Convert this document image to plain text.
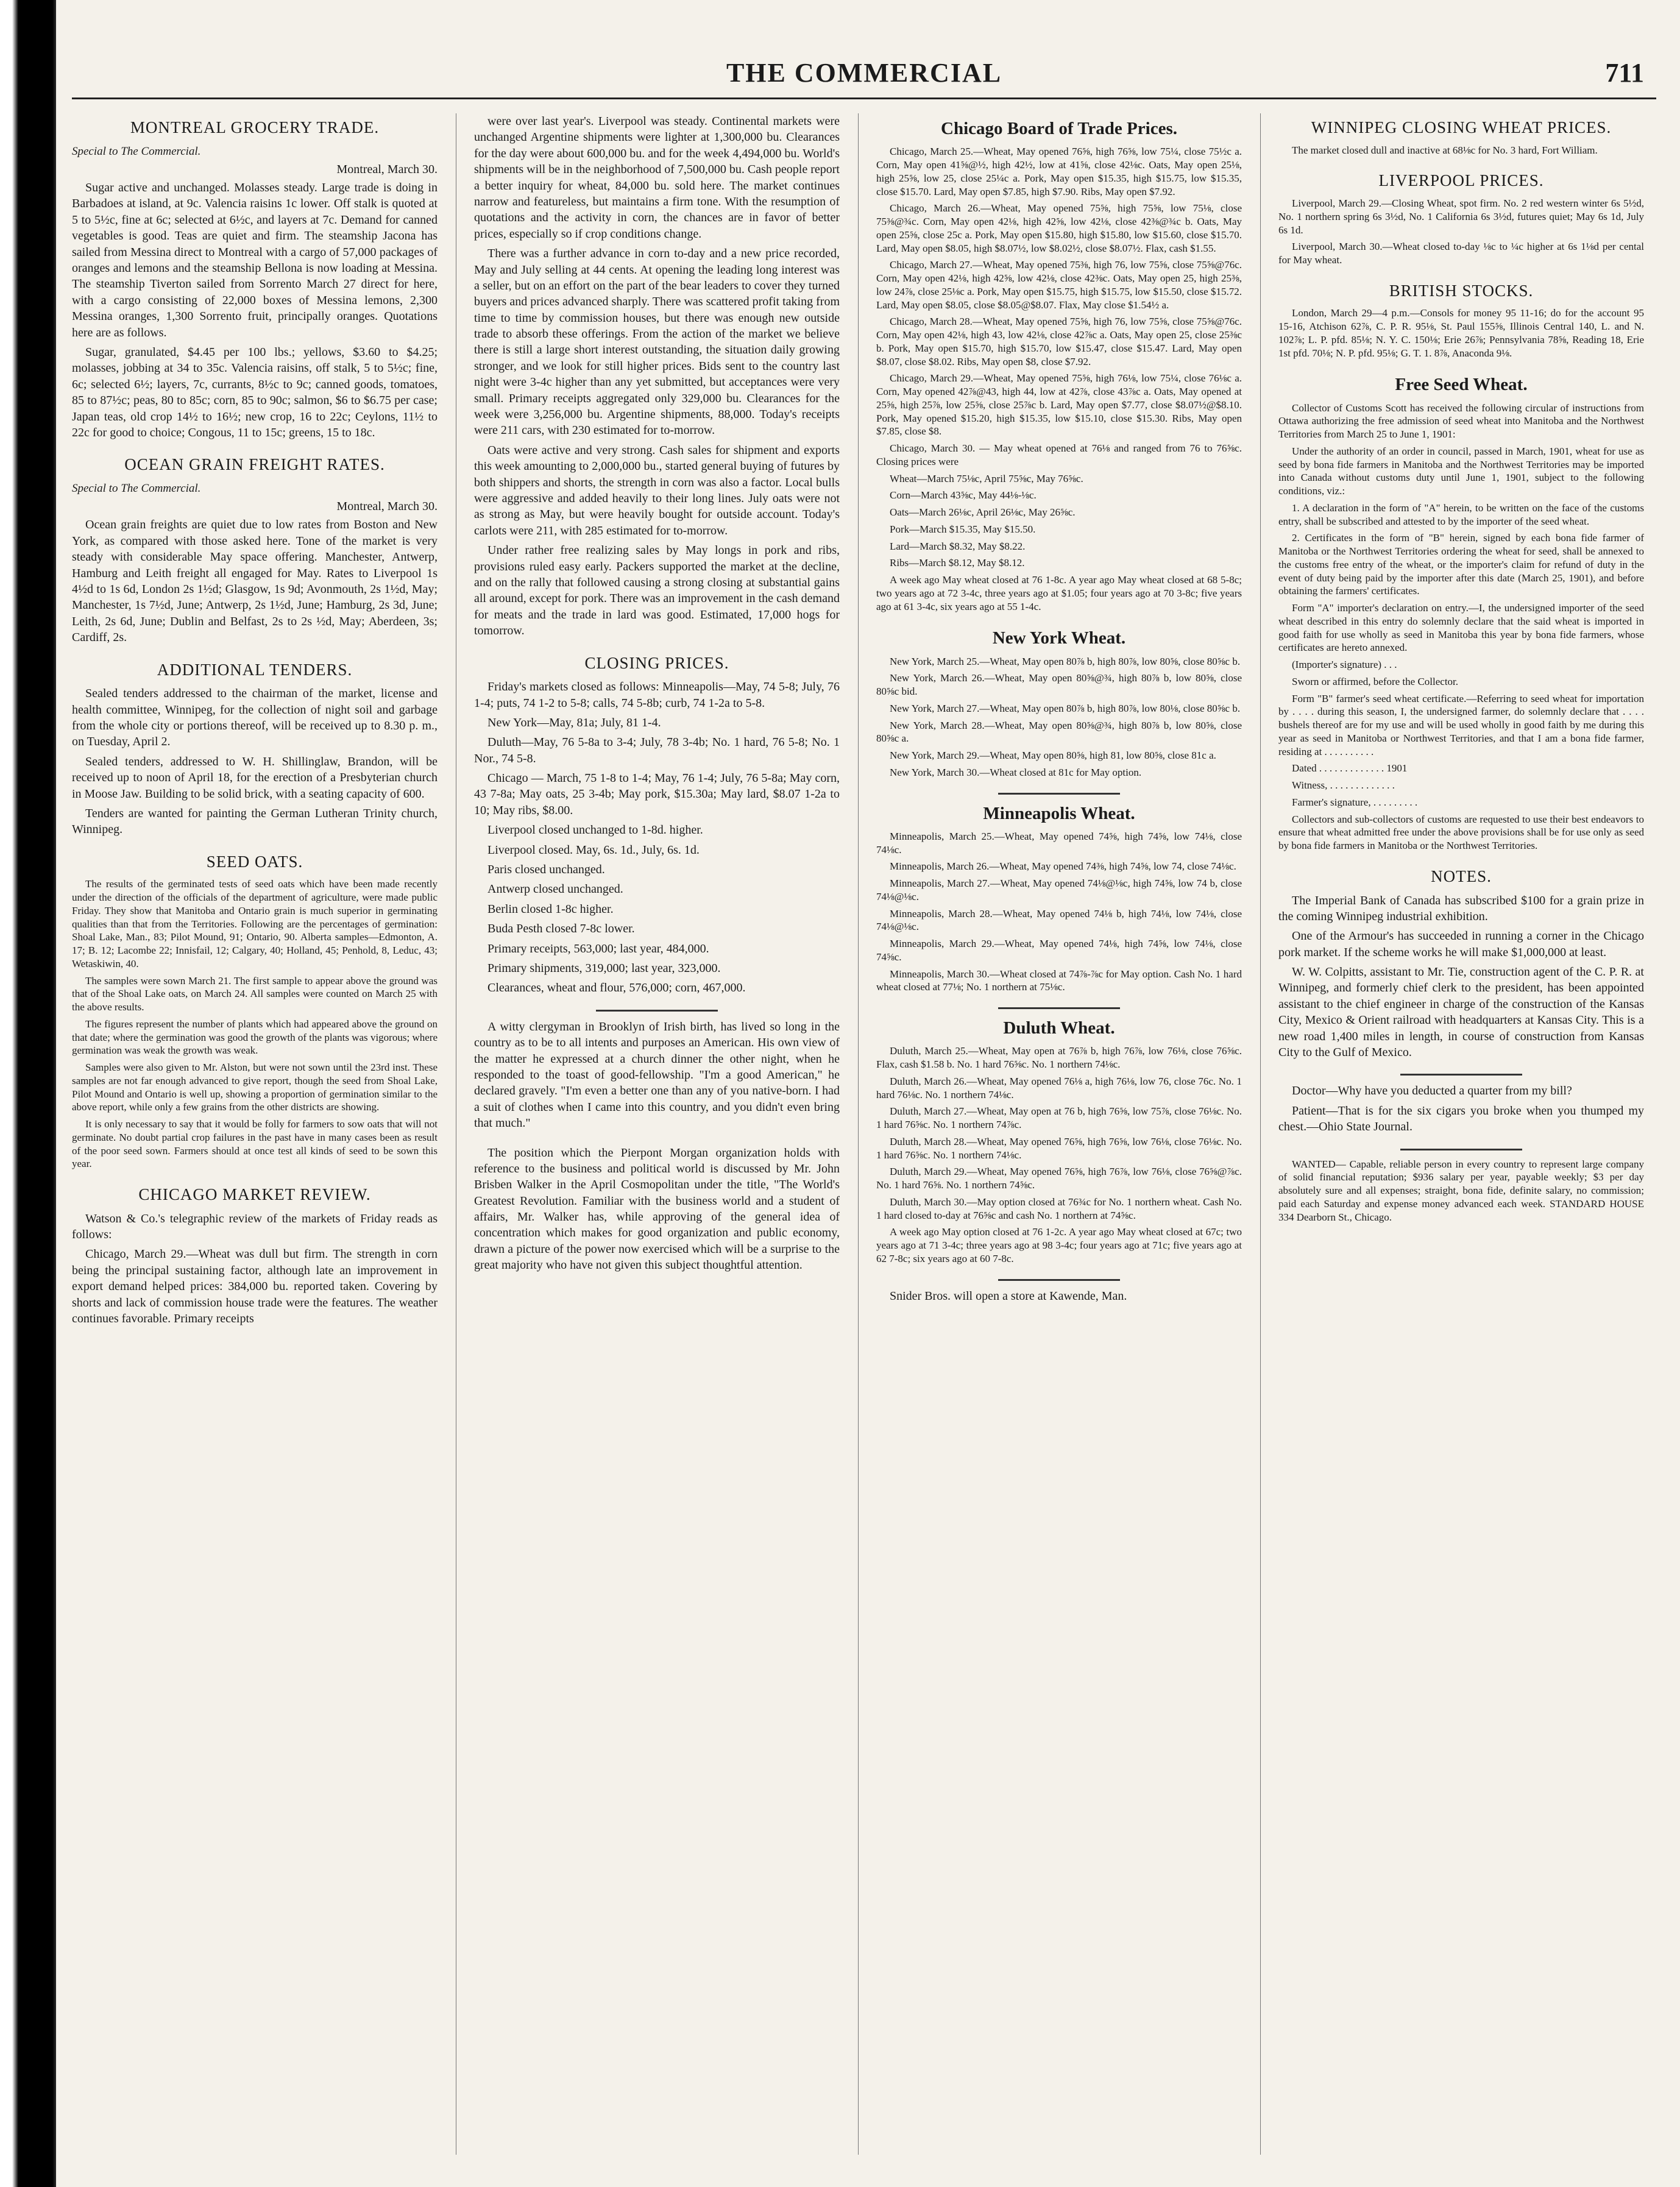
THE COMMERCIAL	711
MONTREAL GROCERY TRADE.
Special to The Commercial.
Montreal, March 30.

Sugar active and unchanged. Molasses steady. Large trade is doing in Barbadoes at island, at 9c. Valencia raisins 1c lower. Off stalk is quoted at 5 to 5½c, fine at 6c; selected at 6½c, and layers at 7c. Demand for canned vegetables is good. Teas are quiet and firm. The steamship Jacona has sailed from Messina direct to Montreal with a cargo of 57,000 packages of oranges and lemons and the steamship Bellona is now loading at Messina. The steamship Tiverton sailed from Sorrento March 27 direct for here, with a cargo consisting of 22,000 boxes of Messina lemons, 2,300 Messina oranges, 1,300 Sorrento fruit, principally oranges. Quotations here are as follows.

Sugar, granulated, $4.45 per 100 lbs.; yellows, $3.60 to $4.25; molasses, jobbing at 34 to 35c. Valencia raisins, off stalk, 5 to 5½c; fine, 6c; selected 6½; layers, 7c, currants, 8½c to 9c; canned goods, tomatoes, 85 to 87½c; peas, 80 to 85c; corn, 85 to 90c; salmon, $6 to $6.75 per case; Japan teas, old crop 14½ to 16½; new crop, 16 to 22c; Ceylons, 11½ to 22c for good to choice; Congous, 11 to 15c; greens, 15 to 18c.

OCEAN GRAIN FREIGHT RATES.
Special to The Commercial.
Montreal, March 30.

Ocean grain freights are quiet due to low rates from Boston and New York, as compared with those asked here. Tone of the market is very steady with considerable May space offering. Manchester, Antwerp, Hamburg and Leith freight all engaged for May. Rates to Liverpool 1s 4½d to 1s 6d, London 2s 1½d; Glasgow, 1s 9d; Avonmouth, 2s 1½d, May; Manchester, 1s 7½d, June; Antwerp, 2s 1½d, June; Hamburg, 2s 3d, June; Leith, 2s 6d, June; Dublin and Belfast, 2s to 2s ½d, May; Aberdeen, 3s; Cardiff, 2s.

ADDITIONAL TENDERS.

Sealed tenders addressed to the chairman of the market, license and health committee, Winnipeg, for the collection of night soil and garbage from the whole city or portions thereof, will be received up to 8.30 p. m., on Tuesday, April 2.

Sealed tenders, addressed to W. H. Shillinglaw, Brandon, will be received up to noon of April 18, for the erection of a Presbyterian church in Moose Jaw. Building to be solid brick, with a seating capacity of 600.

Tenders are wanted for painting the German Lutheran Trinity church, Winnipeg.

SEED OATS.

The results of the germinated tests of seed oats which have been made recently under the direction of the officials of the department of agriculture, were made public Friday. They show that Manitoba and Ontario grain is much superior in germinating qualities than that from the Territories. Following are the percentages of germination: Shoal Lake, Man., 83; Pilot Mound, 91; Ontario, 90. Alberta samples—Edmonton, A. 17; B. 12; Lacombe 22; Innisfail, 12; Calgary, 40; Holland, 45; Penhold, 8, Leduc, 43; Wetaskiwin, 40.

The samples were sown March 21. The first sample to appear above the ground was that of the Shoal Lake oats, on March 24. All samples were counted on March 25 with the above results.

The figures represent the number of plants which had appeared above the ground on that date; where the germination was good the growth of the plants was vigorous; where germination was weak the growth was weak.

Samples were also given to Mr. Alston, but were not sown until the 23rd inst. These samples are not far enough advanced to give report, though the seed from Shoal Lake, Pilot Mound and Ontario is well up, showing a proportion of germination similar to the above report, while only a few grains from the other districts are showing.

It is only necessary to say that it would be folly for farmers to sow oats that will not germinate. No doubt partial crop failures in the past have in many cases been as result of the poor seed sown. Farmers should at once test all kinds of seed to be sown this year.

CHICAGO MARKET REVIEW.

Watson & Co.'s telegraphic review of the markets of Friday reads as follows:

Chicago, March 29.—Wheat was dull but firm. The strength in corn being the principal sustaining factor, although late an improvement in export demand helped prices: 384,000 bu. reported taken. Covering by shorts and lack of commission house trade were the features. The weather continues favorable. Primary receipts

were over last year's. Liverpool was steady. Continental markets were unchanged Argentine shipments were lighter at 1,300,000 bu. Clearances for the day were about 600,000 bu. and for the week 4,494,000 bu. World's shipments will be in the neighborhood of 7,500,000 bu. Cash people report a better inquiry for wheat, 84,000 bu. sold here. The market continues narrow and featureless, but maintains a firm tone. With the resumption of quotations and the activity in corn, the chances are in favor of better prices, especially so if crop conditions change.

There was a further advance in corn to-day and a new price recorded, May and July selling at 44 cents. At opening the leading long interest was a seller, but on an effort on the part of the bear leaders to cover they turned buyers and prices advanced sharply. There was scattered profit taking from time to time by commission houses, but there was enough new outside trade to absorb these offerings. From the action of the market we believe there is still a large short interest outstanding, the situation daily growing stronger, and we look for still higher prices. Bids sent to the country last night were 3-4c higher than any yet submitted, but acceptances were very small. Primary receipts aggregated only 329,000 bu. Clearances for the week were 3,256,000 bu. Argentine shipments, 88,000. Today's receipts were 211 cars, with 230 estimated for to-morrow.

Oats were active and very strong. Cash sales for shipment and exports this week amounting to 2,000,000 bu., started general buying of futures by both shippers and shorts, the strength in corn was also a factor. Local bulls were aggressive and added heavily to their long lines. July oats were not as strong as May, but were heavily bought for outside account. Today's carlots were 211, with 285 estimated for to-morrow.

Under rather free realizing sales by May longs in pork and ribs, provisions ruled easy early. Packers supported the market at the decline, and on the rally that followed causing a strong closing at substantial gains all around, except for pork. There was an improvement in the cash demand for meats and the trade in lard was good. Estimated, 17,000 hogs for tomorrow.

CLOSING PRICES.

Friday's markets closed as follows: Minneapolis—May, 74 5-8; July, 76 1-4; puts, 74 1-2 to 5-8; calls, 74 5-8b; curb, 74 1-2a to 5-8.

New York—May, 81a; July, 81 1-4.

Duluth—May, 76 5-8a to 3-4; July, 78 3-4b; No. 1 hard, 76 5-8; No. 1 Nor., 74 5-8.

Chicago — March, 75 1-8 to 1-4; May, 76 1-4; July, 76 5-8a; May corn, 43 7-8a; May oats, 25 3-4b; May pork, $15.30a; May lard, $8.07 1-2a to 10; May ribs, $8.00.

Liverpool closed unchanged to 1-8d. higher.

Liverpool closed. May, 6s. 1d., July, 6s. 1d.

Paris closed unchanged.

Antwerp closed unchanged.

Berlin closed 1-8c higher.

Buda Pesth closed 7-8c lower.

Primary receipts, 563,000; last year, 484,000.

Primary shipments, 319,000; last year, 323,000.

Clearances, wheat and flour, 576,000; corn, 467,000.

A witty clergyman in Brooklyn of Irish birth, has lived so long in the country as to be to all intents and purposes an American. His own view of the matter he expressed at a church dinner the other night, when he responded to the toast of good-fellowship. "I'm a good American," he declared gravely. "I'm even a better one than any of you native-born. I had a suit of clothes when I came into this country, and you didn't even bring that much."

The position which the Pierpont Morgan organization holds with reference to the business and political world is discussed by Mr. John Brisben Walker in the April Cosmopolitan under the title, "The World's Greatest Revolution. Familiar with the business world and a student of affairs, Mr. Walker has, while approving of the general idea of concentration which makes for good organization and public economy, drawn a picture of the power now exercised which will be a surprise to the great majority who have not given this subject thoughtful attention.

Chicago Board of Trade Prices.

Chicago, March 25.—Wheat, May opened 76⅝, high 76⅝, low 75¼, close 75½c a. Corn, May open 41⅝@½, high 42½, low at 41⅝, close 42⅛c. Oats, May open 25⅛, high 25⅝, low 25, close 25¼c a. Pork, May open $15.35, high $15.75, low $15.35, close $15.70. Lard, May open $7.85, high $7.90. Ribs, May open $7.92.

Chicago, March 26.—Wheat, May opened 75⅝, high 75⅝, low 75⅛, close 75⅜@¾c. Corn, May open 42⅛, high 42⅝, low 42⅛, close 42⅜@¾c b. Oats, May open 25⅝, close 25c a. Pork, May open $15.80, high $15.80, low $15.60, close $15.70. Lard, May open $8.05, high $8.07½, low $8.02½, close $8.07½. Flax, cash $1.55.

Chicago, March 27.—Wheat, May opened 75⅜, high 76, low 75⅝, close 75⅝@76c. Corn, May open 42⅛, high 42⅝, low 42⅛, close 42⅜c. Oats, May open 25, high 25⅜, low 24⅞, close 25⅛c a. Pork, May open $15.75, high $15.75, low $15.50, close $15.72. Lard, May open $8.05, close $8.05@$8.07. Flax, May close $1.54½ a.

Chicago, March 28.—Wheat, May opened 75⅝, high 76, low 75⅝, close 75⅝@76c. Corn, May open 42⅛, high 43, low 42⅛, close 42⅞c a. Oats, May open 25, close 25⅜c b. Pork, May open $15.70, high $15.70, low $15.47, close $15.47. Lard, May open $8.07, close $8.02. Ribs, May open $8, close $7.92.

Chicago, March 29.—Wheat, May opened 75⅝, high 76⅛, low 75¼, close 76⅛c a. Corn, May opened 42⅞@43, high 44, low at 42⅞, close 43⅞c a. Oats, May opened at 25⅝, high 25⅞, low 25⅝, close 25⅞c b. Lard, May open $7.77, close $8.07½@$8.10. Pork, May opened $15.20, high $15.35, low $15.10, close $15.30. Ribs, May open $7.85, close $8.

Chicago, March 30. — May wheat opened at 76⅛ and ranged from 76 to 76⅝c. Closing prices were

Wheat—March 75⅛c, April 75⅝c, May 76⅝c.

Corn—March 43⅝c, May 44⅛-⅛c.

Oats—March 26⅛c, April 26⅛c, May 26⅝c.

Pork—March $15.35, May $15.50.

Lard—March $8.32, May $8.22.

Ribs—March $8.12, May $8.12.

A week ago May wheat closed at 76 1-8c. A year ago May wheat closed at 68 5-8c; two years ago at 72 3-4c, three years ago at $1.05; four years ago at 70 3-8c; five years ago at 61 3-4c, six years ago at 55 1-4c.

New York Wheat.

New York, March 25.—Wheat, May open 80⅞ b, high 80⅞, low 80⅝, close 80⅝c b.

New York, March 26.—Wheat, May open 80⅝@¾, high 80⅞ b, low 80⅝, close 80⅝c bid.

New York, March 27.—Wheat, May open 80⅞ b, high 80⅞, low 80⅛, close 80⅝c b.

New York, March 28.—Wheat, May open 80⅝@¾, high 80⅞ b, low 80⅝, close 80⅝c a.

New York, March 29.—Wheat, May open 80⅝, high 81, low 80⅝, close 81c a.

New York, March 30.—Wheat closed at 81c for May option.

Minneapolis Wheat.

Minneapolis, March 25.—Wheat, May opened 74⅝, high 74⅝, low 74⅛, close 74⅛c.

Minneapolis, March 26.—Wheat, May opened 74⅜, high 74⅝, low 74, close 74⅛c.

Minneapolis, March 27.—Wheat, May opened 74⅛@⅛c, high 74⅝, low 74 b, close 74⅛@⅛c.

Minneapolis, March 28.—Wheat, May opened 74⅛ b, high 74⅛, low 74⅛, close 74⅛@⅛c.

Minneapolis, March 29.—Wheat, May opened 74⅛, high 74⅝, low 74⅛, close 74⅝c.

Minneapolis, March 30.—Wheat closed at 74⅞-⅞c for May option. Cash No. 1 hard wheat closed at 77⅛; No. 1 northern at 75⅛c.

Duluth Wheat.

Duluth, March 25.—Wheat, May open at 76⅞ b, high 76⅞, low 76⅛, close 76⅝c. Flax, cash $1.58 b. No. 1 hard 76⅝c. No. 1 northern 74⅛c.

Duluth, March 26.—Wheat, May opened 76⅛ a, high 76⅛, low 76, close 76c. No. 1 hard 76⅛c. No. 1 northern 74⅛c.

Duluth, March 27.—Wheat, May open at 76 b, high 76⅝, low 75⅞, close 76⅛c. No. 1 hard 76⅝c. No. 1 northern 74⅞c.

Duluth, March 28.—Wheat, May opened 76⅝, high 76⅝, low 76⅛, close 76⅛c. No. 1 hard 76⅝c. No. 1 northern 74⅛c.

Duluth, March 29.—Wheat, May opened 76⅝, high 76⅞, low 76⅛, close 76⅝@⅞c. No. 1 hard 76⅝. No. 1 northern 74⅝c.

Duluth, March 30.—May option closed at 76¾c for No. 1 northern wheat. Cash No. 1 hard closed to-day at 76⅝c and cash No. 1 northern at 74⅝c.

A week ago May option closed at 76 1-2c. A year ago May wheat closed at 67c; two years ago at 71 3-4c; three years ago at 98 3-4c; four years ago at 71c; five years ago at 62 7-8c; six years ago at 60 7-8c.

Snider Bros. will open a store at Kawende, Man.

WINNIPEG CLOSING WHEAT PRICES.

The market closed dull and inactive at 68⅛c for No. 3 hard, Fort William.

LIVERPOOL PRICES.

Liverpool, March 29.—Closing Wheat, spot firm. No. 2 red western winter 6s 5½d, No. 1 northern spring 6s 3½d, No. 1 California 6s 3½d, futures quiet; May 6s 1d, July 6s 1d.

Liverpool, March 30.—Wheat closed to-day ⅛c to ¼c higher at 6s 1⅛d per cental for May wheat.

BRITISH STOCKS.

London, March 29—4 p.m.—Consols for money 95 11-16; do for the account 95 15-16, Atchison 62⅞, C. P. R. 95⅛, St. Paul 155⅝, Illinois Central 140, L. and N. 102⅞; L. P. pfd. 85⅛; N. Y. C. 150⅛; Erie 26⅞; Pennsylvania 78⅝, Reading 18, Erie 1st pfd. 70⅛; N. P. pfd. 95⅛; G. T. 1. 8⅞, Anaconda 9⅛.

Free Seed Wheat.

Collector of Customs Scott has received the following circular of instructions from Ottawa authorizing the free admission of seed wheat into Manitoba and the Northwest Territories from March 25 to June 1, 1901:

Under the authority of an order in council, passed in March, 1901, wheat for use as seed by bona fide farmers in Manitoba and the Northwest Territories may be imported into Canada without customs duty until June 1, 1901, subject to the following conditions, viz.:

1. A declaration in the form of "A" herein, to be written on the face of the customs entry, shall be subscribed and attested to by the importer of the seed wheat.

2. Certificates in the form of "B" herein, signed by each bona fide farmer of Manitoba or the Northwest Territories ordering the wheat for seed, shall be annexed to the customs free entry of the wheat, or the importer's claim for refund of duty in the event of duty being paid by the importer after this date (March 25, 1901), and before obtaining the farmers' certificates.

Form "A" importer's declaration on entry.—I, the undersigned importer of the seed wheat described in this entry do solemnly declare that the said wheat is imported in good faith for use wholly as seed in Manitoba this year by bona fide farmers, whose certificates are hereto annexed.

(Importer's signature) . . .

Sworn or affirmed, before the Collector.

Form "B" farmer's seed wheat certificate.—Referring to seed wheat for importation by . . . . during this season, I, the undersigned farmer, do solemnly declare that . . . . bushels thereof are for my use and will be used wholly in good faith by me during this year as seed in Manitoba or Northwest Territories, and that I am a bona fide farmer, residing at . . . . . . . . . .

Dated . . . . . . . . . . . . . 1901

Witness, . . . . . . . . . . . . .

Farmer's signature, . . . . . . . . .

Collectors and sub-collectors of customs are requested to use their best endeavors to ensure that wheat admitted free under the above provisions shall be for use only as seed by bona fide farmers in Manitoba or the Northwest Territories.

NOTES.

The Imperial Bank of Canada has subscribed $100 for a grain prize in the coming Winnipeg industrial exhibition.

One of the Armour's has succeeded in running a corner in the Chicago pork market. If the scheme works he will make $1,000,000 at least.

W. W. Colpitts, assistant to Mr. Tie, construction agent of the C. P. R. at Winnipeg, and formerly chief clerk to the president, has been appointed assistant to the chief engineer in charge of the construction of the Kansas City, Mexico & Orient railroad with headquarters at Kansas City. This is a new road 1,400 miles in length, in course of construction from Kansas City to the Gulf of Mexico.

Doctor—Why have you deducted a quarter from my bill?

Patient—That is for the six cigars you broke when you thumped my chest.—Ohio State Journal.

WANTED— Capable, reliable person in every country to represent large company of solid financial reputation; $936 salary per year, payable weekly; $3 per day absolutely sure and all expenses; straight, bona fide, definite salary, no commission; paid each Saturday and expense money advanced each week. STANDARD HOUSE 334 Dearborn St., Chicago.
